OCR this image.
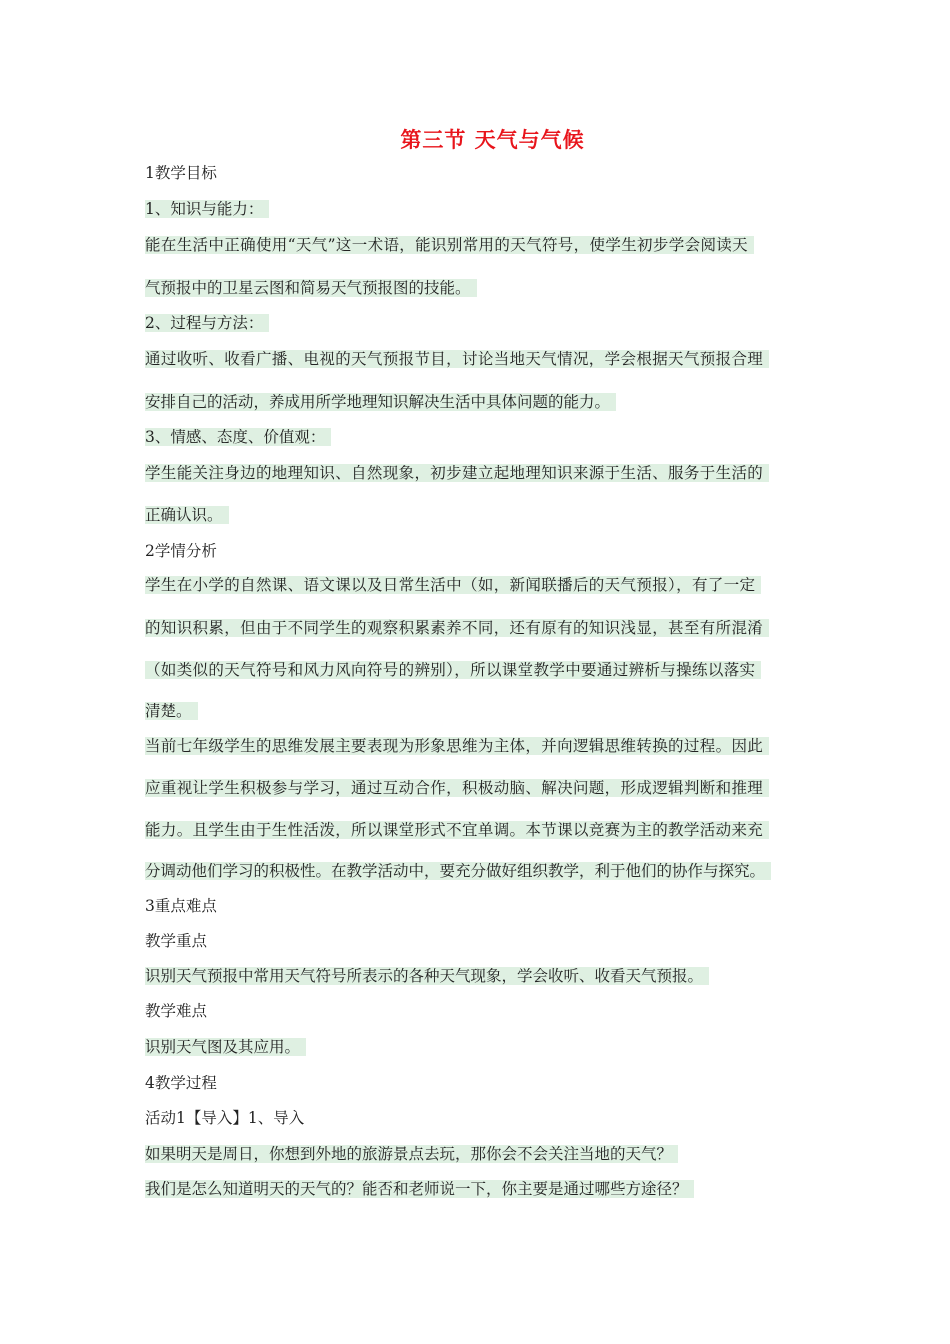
第三节 天气与气候
1教学目标
1、知识与能力：
能在生活中正确使用“天气”这一术语，能识别常用的天气符号，使学生初步学会阅读天
气预报中的卫星云图和简易天气预报图的技能。
2、过程与方法：
通过收听、收看广播、电视的天气预报节目，讨论当地天气情况，学会根据天气预报合理
安排自己的活动，养成用所学地理知识解决生活中具体问题的能力。
3、情感、态度、价值观：
学生能关注身边的地理知识、自然现象，初步建立起地理知识来源于生活、服务于生活的
正确认识。
2学情分析
学生在小学的自然课、语文课以及日常生活中（如，新闻联播后的天气预报），有了一定
的知识积累，但由于不同学生的观察积累素养不同，还有原有的知识浅显，甚至有所混淆
（如类似的天气符号和风力风向符号的辨别），所以课堂教学中要通过辨析与操练以落实
清楚。
当前七年级学生的思维发展主要表现为形象思维为主体，并向逻辑思维转换的过程。因此
应重视让学生积极参与学习，通过互动合作，积极动脑、解决问题，形成逻辑判断和推理
能力。且学生由于生性活泼，所以课堂形式不宜单调。本节课以竞赛为主的教学活动来充
分调动他们学习的积极性。在教学活动中，要充分做好组织教学，利于他们的协作与探究。
3重点难点
教学重点
识别天气预报中常用天气符号所表示的各种天气现象，学会收听、收看天气预报。
教学难点
识别天气图及其应用。
4教学过程
活动1【导入】1、导入
如果明天是周日，你想到外地的旅游景点去玩，那你会不会关注当地的天气？
我们是怎么知道明天的天气的？能否和老师说一下，你主要是通过哪些方途径？
